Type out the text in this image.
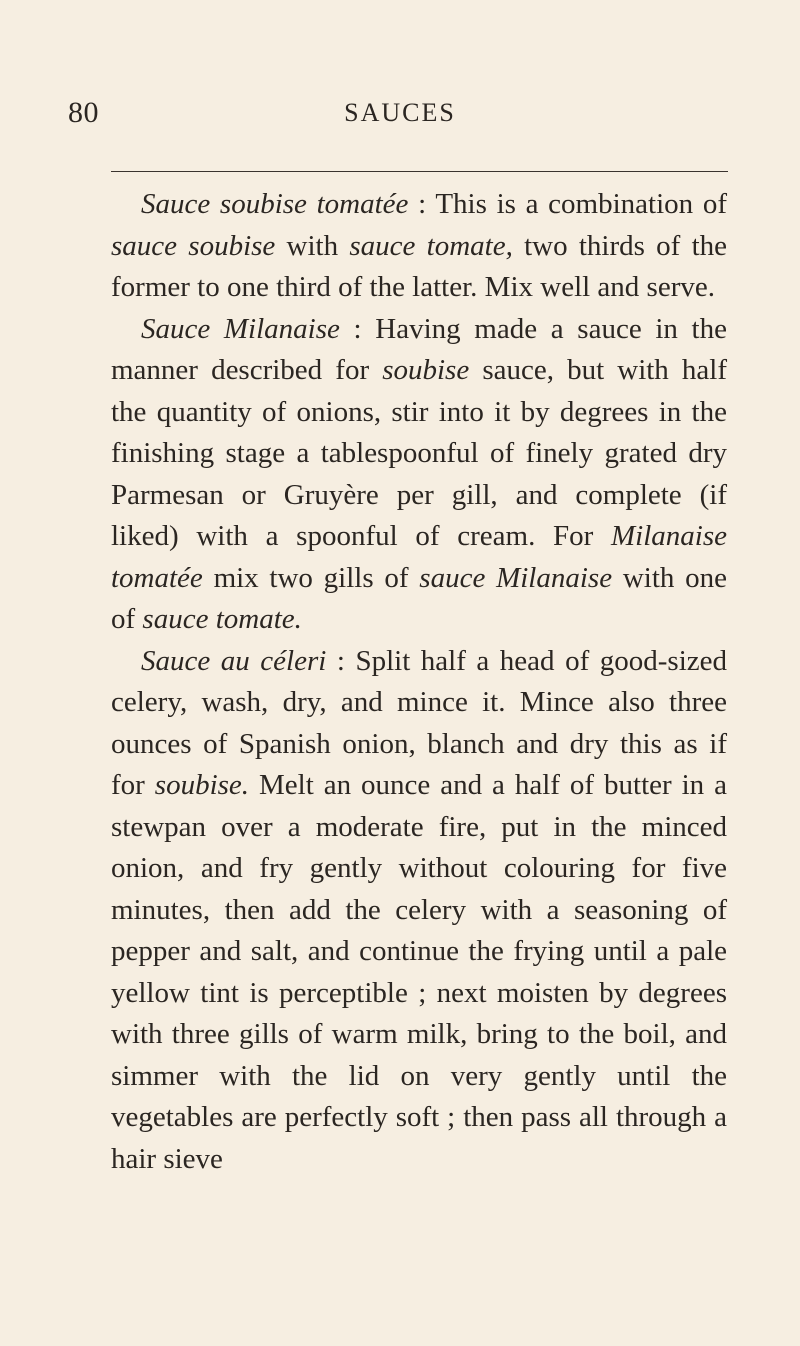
80	SAUCES

Sauce soubise tomatée : This is a combination of sauce soubise with sauce tomate, two thirds of the former to one third of the latter. Mix well and serve.

Sauce Milanaise : Having made a sauce in the manner described for soubise sauce, but with half the quantity of onions, stir into it by degrees in the finishing stage a tablespoonful of finely grated dry Parmesan or Gruyère per gill, and complete (if liked) with a spoonful of cream. For Milanaise tomatée mix two gills of sauce Milanaise with one of sauce tomate.

Sauce au céleri : Split half a head of good-sized celery, wash, dry, and mince it. Mince also three ounces of Spanish onion, blanch and dry this as if for soubise. Melt an ounce and a half of butter in a stewpan over a moderate fire, put in the minced onion, and fry gently without colouring for five minutes, then add the celery with a seasoning of pepper and salt, and continue the frying until a pale yellow tint is perceptible ; next moisten by degrees with three gills of warm milk, bring to the boil, and simmer with the lid on very gently until the vegetables are perfectly soft ; then pass all through a hair sieve
